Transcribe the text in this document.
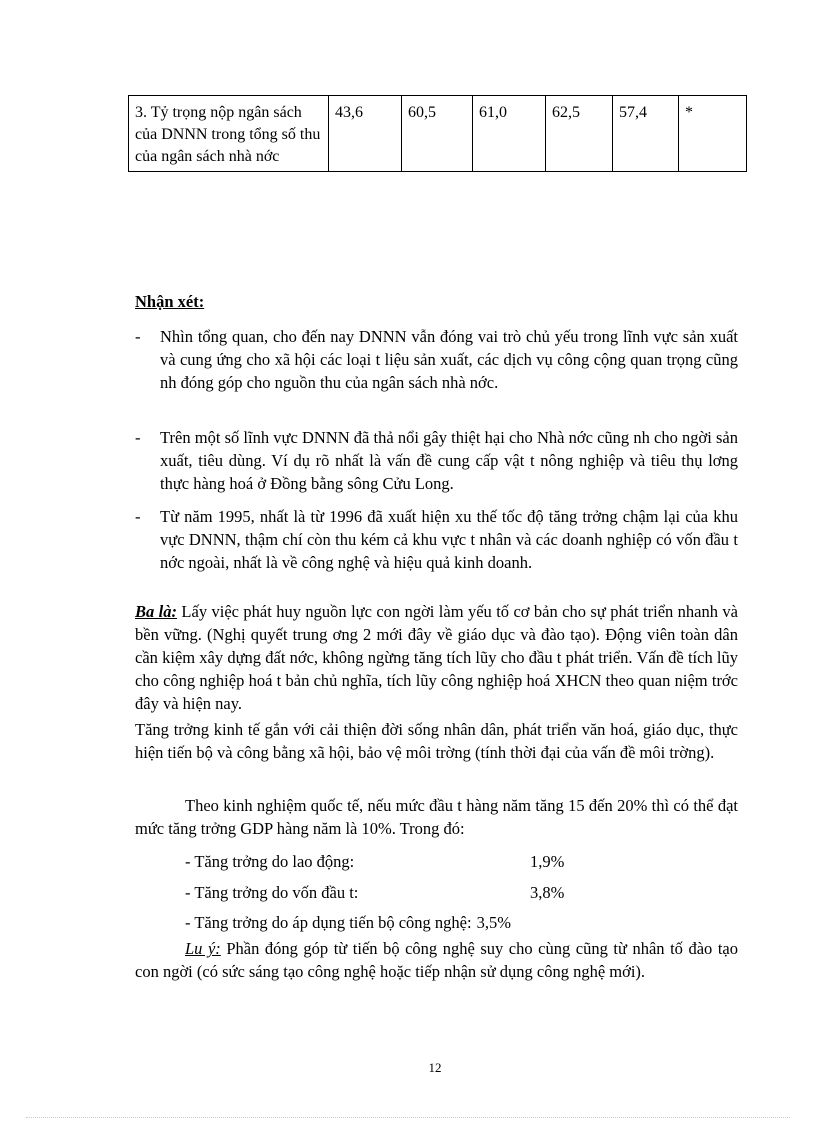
3. Tỷ trọng nộp ngân sách của DNNN trong tổng số thu của ngân sách nhà nớc	43,6	60,5	61,0	62,5	57,4	*
Nhận xét:
-	Nhìn tổng quan, cho đến nay DNNN vẫn đóng vai trò chủ yếu trong lĩnh vực sản xuất và cung ứng cho xã hội các loại t liệu sản xuất, các dịch vụ công cộng quan trọng cũng nh đóng góp cho nguồn thu của ngân sách nhà nớc.
-	Trên một số lĩnh vực DNNN đã thả nổi gây thiệt hại cho Nhà nớc cũng nh cho ngời sản xuất, tiêu dùng. Ví dụ rõ nhất là vấn đề cung cấp vật t nông nghiệp và tiêu thụ lơng thực hàng hoá ở Đồng bằng sông Cửu Long.
-	Từ năm 1995, nhất là từ 1996 đã xuất hiện xu thế tốc độ tăng trởng chậm lại của khu vực DNNN, thậm chí còn thu kém cả khu vực t nhân và các doanh nghiệp có vốn đầu t nớc ngoài, nhất là về công nghệ và hiệu quả kinh doanh.
Ba là: Lấy việc phát huy nguồn lực con ngời làm yếu tố cơ bản cho sự phát triển nhanh và bền vững. (Nghị quyết trung ơng 2 mới đây về giáo dục và đào tạo). Động viên toàn dân cần kiệm xây dựng đất nớc, không ngừng tăng tích lũy cho đầu t phát triển. Vấn đề tích lũy cho công nghiệp hoá t bản chủ nghĩa, tích lũy công nghiệp hoá XHCN theo quan niệm trớc đây và hiện nay.
Tăng trởng kinh tế gắn với cải thiện đời sống nhân dân, phát triển văn hoá, giáo dục, thực hiện tiến bộ và công bằng xã hội, bảo vệ môi trờng (tính thời đại của vấn đề môi trờng).
Theo kinh nghiệm quốc tế, nếu mức đầu t hàng năm tăng 15 đến 20% thì có thể đạt mức tăng trởng GDP hàng năm là 10%. Trong đó:
- Tăng trởng do lao động:	1,9%
- Tăng trởng do vốn đầu t:	3,8%
- Tăng trởng do áp dụng tiến bộ công nghệ: 3,5%
Lu ý: Phần đóng góp từ tiến bộ công nghệ suy cho cùng cũng từ nhân tố đào tạo con ngời (có sức sáng tạo công nghệ hoặc tiếp nhận sử dụng công nghệ mới).
12
